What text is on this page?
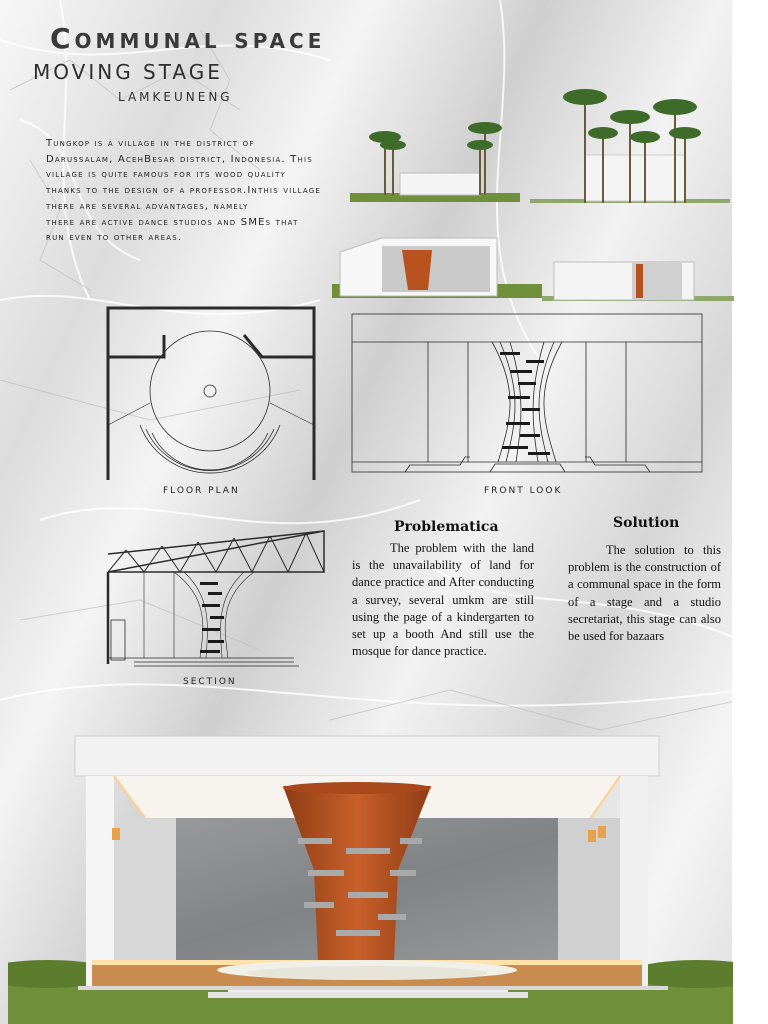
Communal space
MOVING STAGE
LAMKEUNENG

Tungkop is a village in the district of Darussalam, AcehBesar district, Indonesia. This village is quite famous for its wood quality thanks to the design of a professor.Inthis village there are several advantages, namely

there are active dance studios and SMEs that run even to other areas.

FLOOR PLAN	FRONT LOOK
SECTION
Problematica

The problem with the land is the unavailability of land for dance practice and After conducting a survey, several umkm are still using the page of a kindergarten to set up a booth And still use the mosque for dance practice.

Solution

The solution to this problem is the construction of a communal space in the form of a stage and a studio secretariat, this stage can also be used for bazaars
